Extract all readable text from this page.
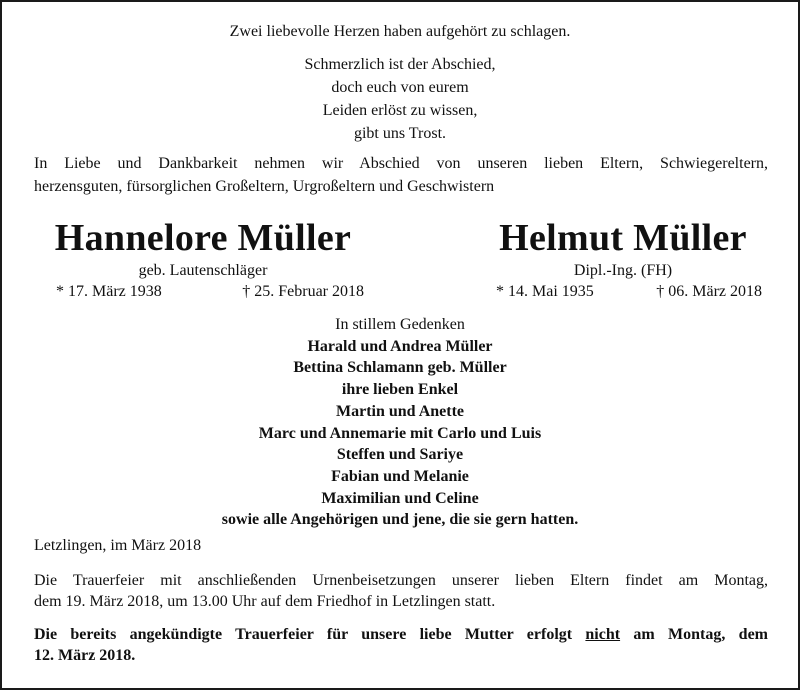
Zwei liebevolle Herzen haben aufgehört zu schlagen.
Schmerzlich ist der Abschied,
doch euch von eurem
Leiden erlöst zu wissen,
gibt uns Trost.
In Liebe und Dankbarkeit nehmen wir Abschied von unseren lieben Eltern, Schwiegereltern,
herzensguten, fürsorglichen Großeltern, Urgroßeltern und Geschwistern
Hannelore Müller
geb. Lautenschläger
* 17. März 1938	† 25. Februar 2018
Helmut Müller
Dipl.-Ing. (FH)
* 14. Mai 1935	† 06. März 2018
In stillem Gedenken
Harald und Andrea Müller
Bettina Schlamann geb. Müller
ihre lieben Enkel
Martin und Anette
Marc und Annemarie mit Carlo und Luis
Steffen und Sariye
Fabian und Melanie
Maximilian und Celine
sowie alle Angehörigen und jene, die sie gern hatten.
Letzlingen, im März 2018
Die Trauerfeier mit anschließenden Urnenbeisetzungen unserer lieben Eltern findet am Montag,
dem 19. März 2018, um 13.00 Uhr auf dem Friedhof in Letzlingen statt.
Die bereits angekündigte Trauerfeier für unsere liebe Mutter erfolgt nicht am Montag, dem
12. März 2018.
